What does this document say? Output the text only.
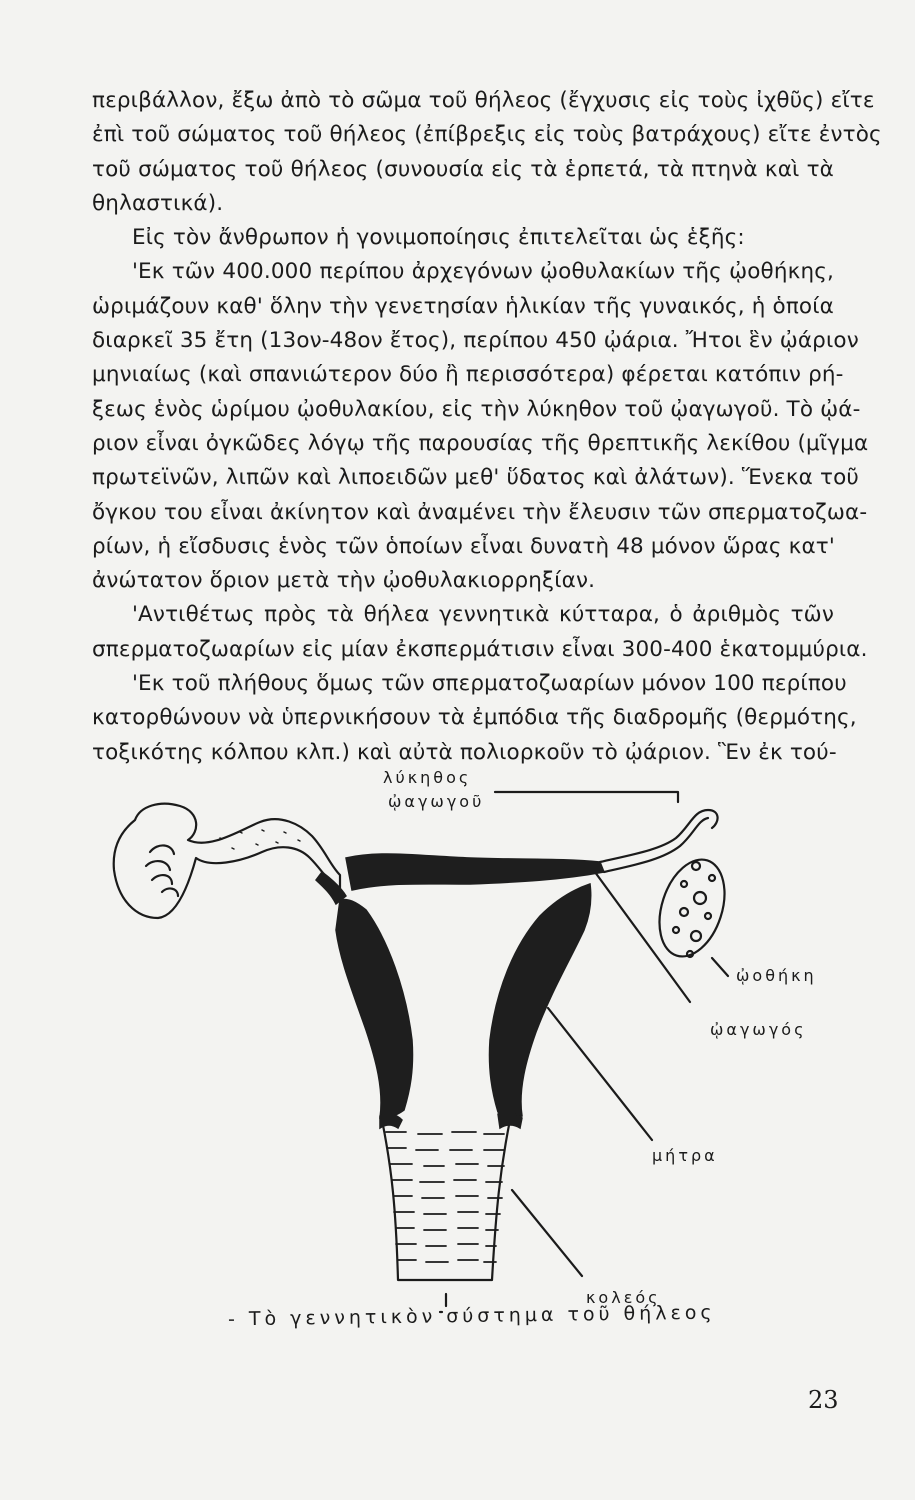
περιβάλλον, ἔξω ἀπὸ τὸ σῶμα τοῦ θήλεος (ἔγχυσις εἰς τοὺς ἰχθῦς) εἴτε
ἐπὶ τοῦ σώματος τοῦ θήλεος (ἐπίβρεξις εἰς τοὺς βατράχους) εἴτε ἐντὸς
τοῦ σώματος τοῦ θήλεος (συνουσία εἰς τὰ ἑρπετά, τὰ πτηνὰ καὶ τὰ
θηλαστικά).
Εἰς τὸν ἄνθρωπον ἡ γονιμοποίησις ἐπιτελεῖται ὡς ἑξῆς:
'Εκ τῶν 400.000 περίπου ἀρχεγόνων ᾠοθυλακίων τῆς ᾠοθήκης,
ὡριμάζουν καθ' ὅλην τὴν γενετησίαν ἡλικίαν τῆς γυναικός, ἡ ὁποία
διαρκεῖ 35 ἔτη (13ον-48ον ἔτος), περίπου 450 ᾠάρια. Ἤτοι ἓν ᾠάριον
μηνιαίως (καὶ σπανιώτερον δύο ἢ περισσότερα) φέρεται κατόπιν ρή-
ξεως ἑνὸς ὡρίμου ᾠοθυλακίου, εἰς τὴν λύκηθον τοῦ ᾠαγωγοῦ. Τὸ ᾠά-
ριον εἶναι ὀγκῶδες λόγῳ τῆς παρουσίας τῆς θρεπτικῆς λεκίθου (μῖγμα
πρωτεϊνῶν, λιπῶν καὶ λιποειδῶν μεθ' ὕδατος καὶ ἀλάτων). Ἕνεκα τοῦ
ὄγκου του εἶναι ἀκίνητον καὶ ἀναμένει τὴν ἔλευσιν τῶν σπερματοζωα-
ρίων, ἡ εἴσδυσις ἑνὸς τῶν ὁποίων εἶναι δυνατὴ 48 μόνον ὥρας κατ'
ἀνώτατον ὅριον μετὰ τὴν ᾠοθυλακιορρηξίαν.
'Αντιθέτως πρὸς τὰ θήλεα γεννητικὰ κύτταρα, ὁ ἀριθμὸς τῶν
σπερματοζωαρίων εἰς μίαν ἐκσπερμάτισιν εἶναι 300-400 ἑκατομμύρια.
'Εκ τοῦ πλήθους ὅμως τῶν σπερματοζωαρίων μόνον 100 περίπου
κατορθώνουν νὰ ὑπερνικήσουν τὰ ἐμπόδια τῆς διαδρομῆς (θερμότης,
τοξικότης κόλπου κλπ.) καὶ αὐτὰ πολιορκοῦν τὸ ᾠάριον. Ἓν ἐκ τού-
λύκηθος
ᾠαγωγοῦ
ᾠοθήκη
ᾠαγωγός
μήτρα
κολεός
- Τὸ γεννητικὸν σύστημα τοῦ θήλεος
23
